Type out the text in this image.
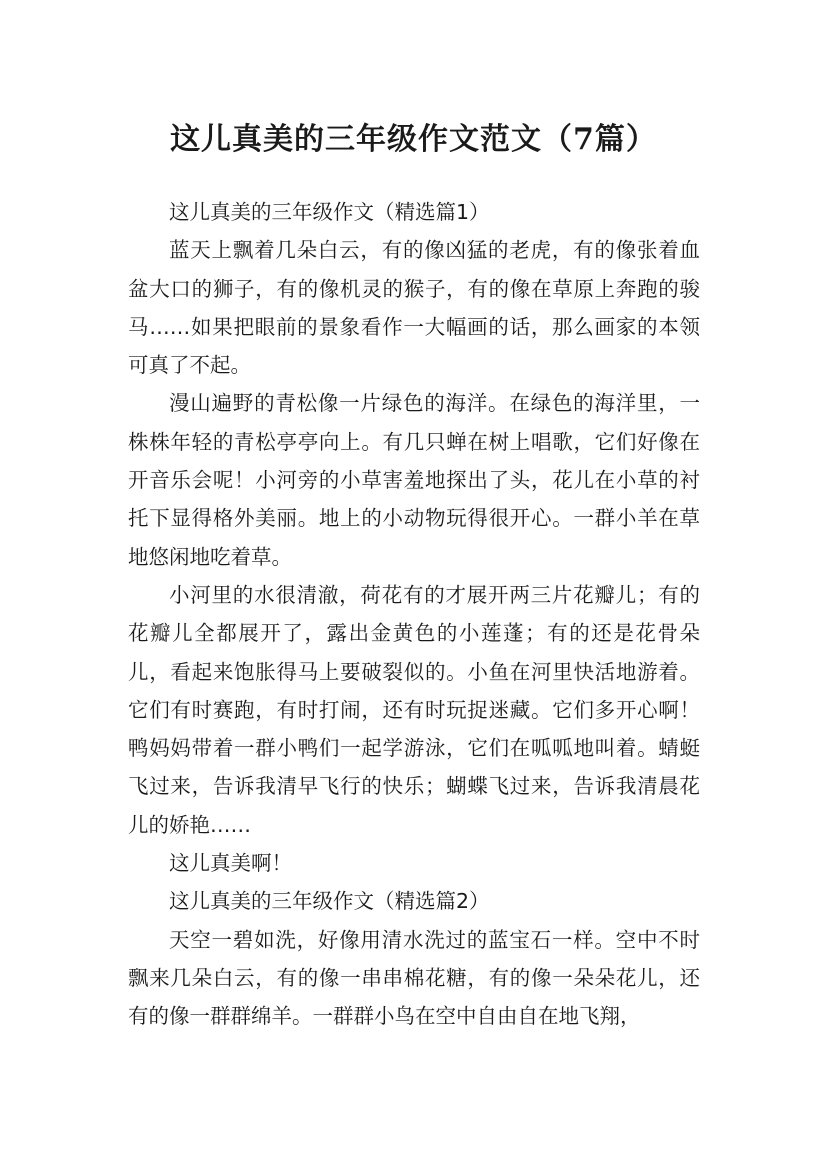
这儿真美的三年级作文范文（7篇）

这儿真美的三年级作文（精选篇1）

蓝天上飘着几朵白云，有的像凶猛的老虎，有的像张着血盆大口的狮子，有的像机灵的猴子，有的像在草原上奔跑的骏马……如果把眼前的景象看作一大幅画的话，那么画家的本领可真了不起。

漫山遍野的青松像一片绿色的海洋。在绿色的海洋里，一株株年轻的青松亭亭向上。有几只蝉在树上唱歌，它们好像在开音乐会呢！小河旁的小草害羞地探出了头，花儿在小草的衬托下显得格外美丽。地上的小动物玩得很开心。一群小羊在草地悠闲地吃着草。

小河里的水很清澈，荷花有的才展开两三片花瓣儿；有的花瓣儿全都展开了，露出金黄色的小莲蓬；有的还是花骨朵儿，看起来饱胀得马上要破裂似的。小鱼在河里快活地游着。它们有时赛跑，有时打闹，还有时玩捉迷藏。它们多开心啊！鸭妈妈带着一群小鸭们一起学游泳，它们在呱呱地叫着。蜻蜓飞过来，告诉我清早飞行的快乐；蝴蝶飞过来，告诉我清晨花儿的娇艳……

这儿真美啊！

这儿真美的三年级作文（精选篇2）

天空一碧如洗，好像用清水洗过的蓝宝石一样。空中不时飘来几朵白云，有的像一串串棉花糖，有的像一朵朵花儿，还有的像一群群绵羊。一群群小鸟在空中自由自在地飞翔，
